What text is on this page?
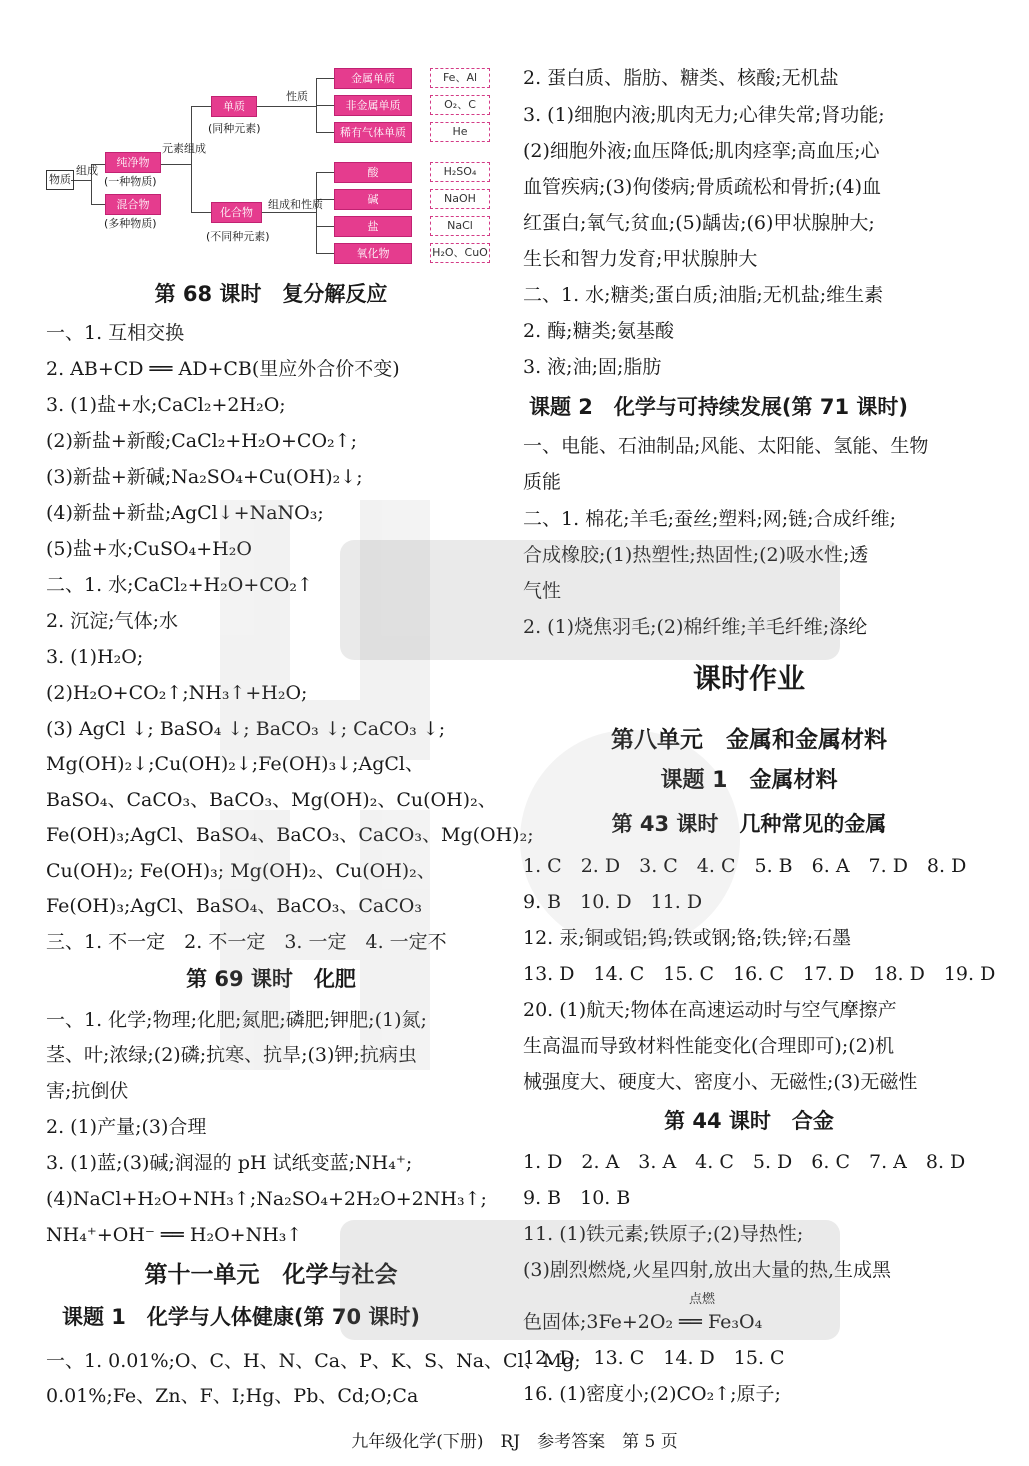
物质
组成
纯净物
(一种物质)
混合物
(多种物质)
元素组成
单质
(同种元素)
化合物
(不同种元素)
性质
组成和性质
金属单质
非金属单质
稀有气体单质
Fe、Al
O₂、C
He
酸
碱
盐
氧化物
H₂SO₄
NaOH
NaCl
H₂O、CuO
第 68 课时　复分解反应
一、1. 互相交换
2. AB+CD ══ AD+CB(里应外合价不变)
3. (1)盐+水;CaCl₂+2H₂O;
(2)新盐+新酸;CaCl₂+H₂O+CO₂↑;
(3)新盐+新碱;Na₂SO₄+Cu(OH)₂↓;
(4)新盐+新盐;AgCl↓+NaNO₃;
(5)盐+水;CuSO₄+H₂O
二、1. 水;CaCl₂+H₂O+CO₂↑
2. 沉淀;气体;水
3. (1)H₂O;
(2)H₂O+CO₂↑;NH₃↑+H₂O;
(3) AgCl ↓; BaSO₄ ↓; BaCO₃ ↓; CaCO₃ ↓;
Mg(OH)₂↓;Cu(OH)₂↓;Fe(OH)₃↓;AgCl、
BaSO₄、CaCO₃、BaCO₃、Mg(OH)₂、Cu(OH)₂、
Fe(OH)₃;AgCl、BaSO₄、BaCO₃、CaCO₃、Mg(OH)₂;
Cu(OH)₂; Fe(OH)₃; Mg(OH)₂、Cu(OH)₂、
Fe(OH)₃;AgCl、BaSO₄、BaCO₃、CaCO₃
三、1. 不一定　2. 不一定　3. 一定　4. 一定不
第 69 课时　化肥
一、1. 化学;物理;化肥;氮肥;磷肥;钾肥;(1)氮;
茎、叶;浓绿;(2)磷;抗寒、抗旱;(3)钾;抗病虫
害;抗倒伏
2. (1)产量;(3)合理
3. (1)蓝;(3)碱;润湿的 pH 试纸变蓝;NH₄⁺;
(4)NaCl+H₂O+NH₃↑;Na₂SO₄+2H₂O+2NH₃↑;
NH₄⁺+OH⁻ ══ H₂O+NH₃↑
第十一单元　化学与社会
课题 1　化学与人体健康(第 70 课时)
一、1. 0.01%;O、C、H、N、Ca、P、K、S、Na、Cl、Mg;
0.01%;Fe、Zn、F、I;Hg、Pb、Cd;O;Ca
2. 蛋白质、脂肪、糖类、核酸;无机盐
3. (1)细胞内液;肌肉无力;心律失常;肾功能;
(2)细胞外液;血压降低;肌肉痉挛;高血压;心
血管疾病;(3)佝偻病;骨质疏松和骨折;(4)血
红蛋白;氧气;贫血;(5)龋齿;(6)甲状腺肿大;
生长和智力发育;甲状腺肿大
二、1. 水;糖类;蛋白质;油脂;无机盐;维生素
2. 酶;糖类;氨基酸
3. 液;油;固;脂肪
课题 2　化学与可持续发展(第 71 课时)
一、电能、石油制品;风能、太阳能、氢能、生物
质能
二、1. 棉花;羊毛;蚕丝;塑料;网;链;合成纤维;
合成橡胶;(1)热塑性;热固性;(2)吸水性;透
气性
2. (1)烧焦羽毛;(2)棉纤维;羊毛纤维;涤纶
课时作业
第八单元　金属和金属材料
课题 1　金属材料
第 43 课时　几种常见的金属
1. C　2. D　3. C　4. C　5. B　6. A　7. D　8. D
9. B　10. D　11. D
12. 汞;铜或铝;钨;铁或钢;铬;铁;锌;石墨
13. D　14. C　15. C　16. C　17. D　18. D　19. D
20. (1)航天;物体在高速运动时与空气摩擦产
生高温而导致材料性能变化(合理即可);(2)机
械强度大、硬度大、密度小、无磁性;(3)无磁性
第 44 课时　合金
1. D　2. A　3. A　4. C　5. D　6. C　7. A　8. D
9. B　10. B
11. (1)铁元素;铁原子;(2)导热性;
(3)剧烈燃烧,火星四射,放出大量的热,生成黑
点燃
色固体;3Fe+2O₂ ══ Fe₃O₄
12. D　13. C　14. D　15. C
16. (1)密度小;(2)CO₂↑;原子;
九年级化学(下册)　RJ　参考答案　第 5 页
